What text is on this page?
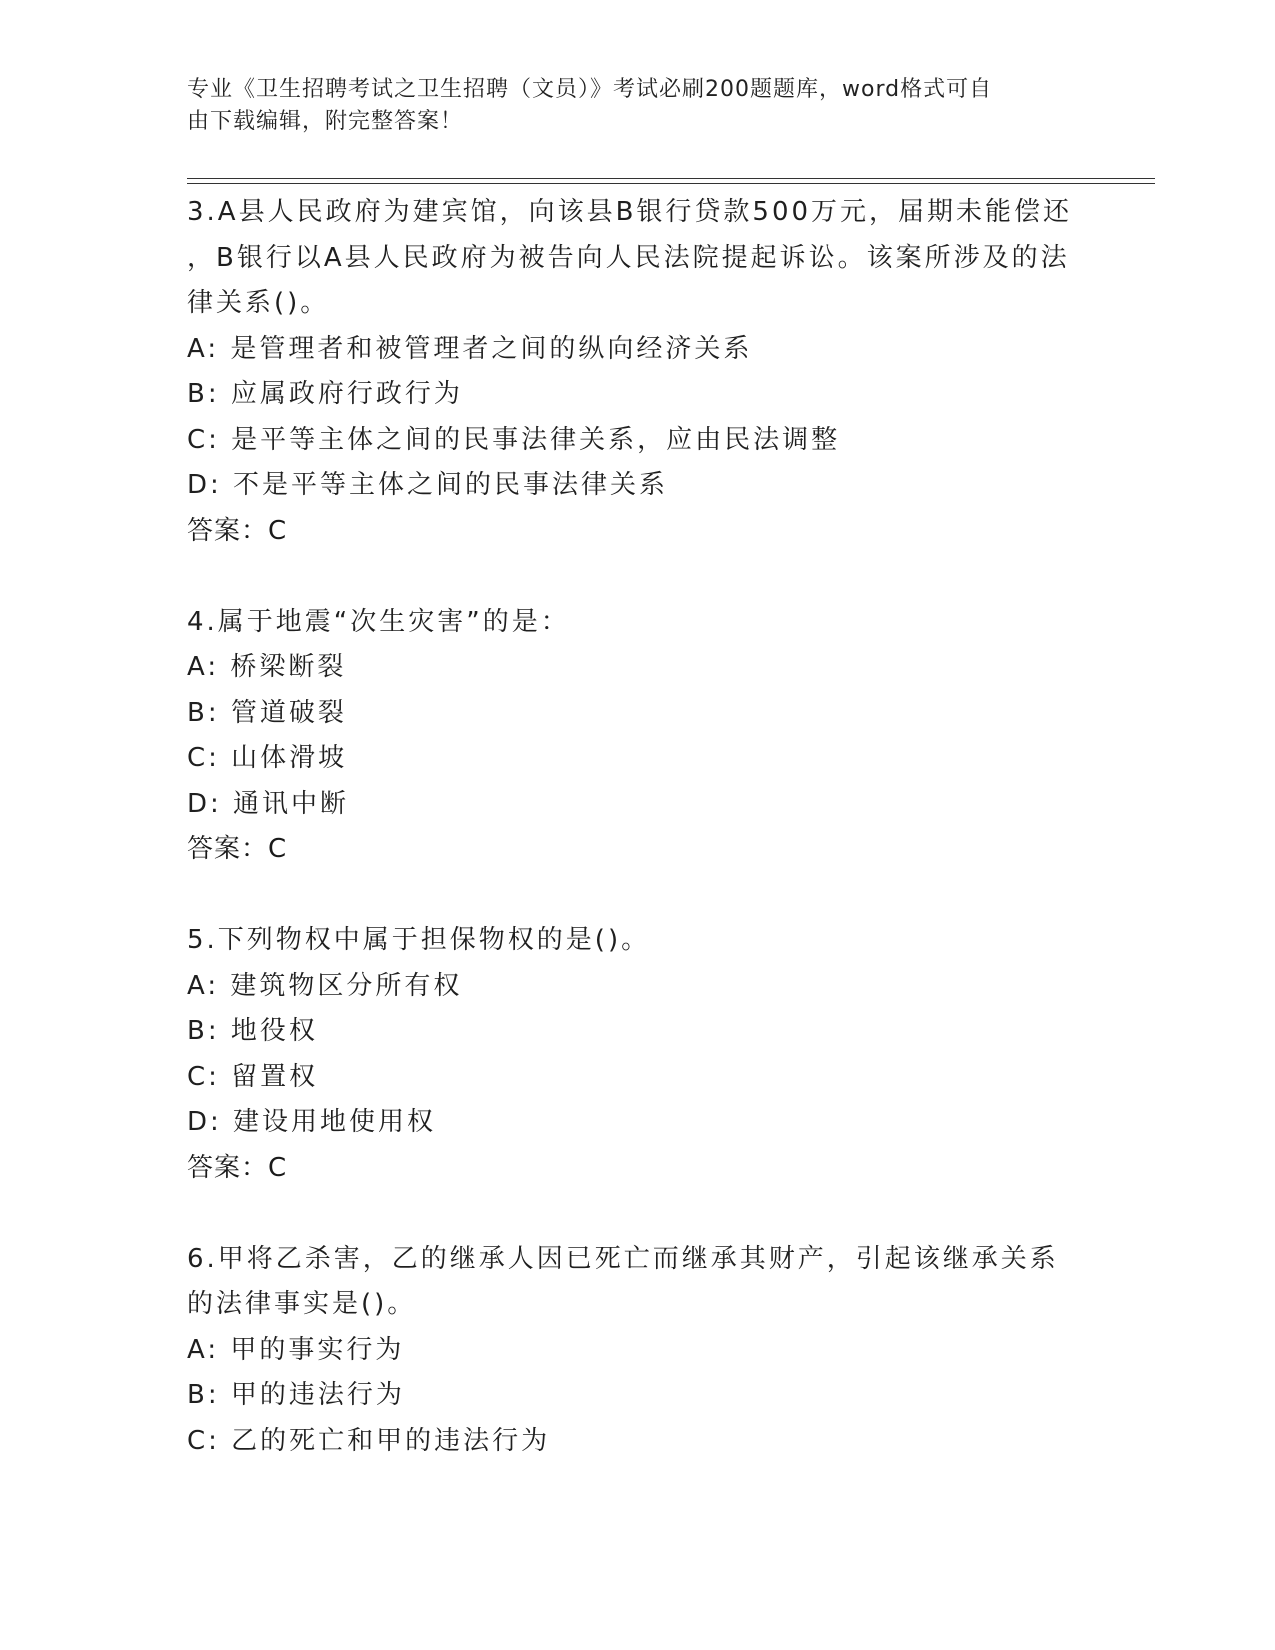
专业《卫生招聘考试之卫生招聘（文员）》考试必刷200题题库，word格式可自
由下载编辑，附完整答案！
3.A县人民政府为建宾馆，向该县B银行贷款500万元，届期未能偿还
，B银行以A县人民政府为被告向人民法院提起诉讼。该案所涉及的法
律关系()。
A: 是管理者和被管理者之间的纵向经济关系
B: 应属政府行政行为
C: 是平等主体之间的民事法律关系，应由民法调整
D: 不是平等主体之间的民事法律关系
答案：C
4.属于地震“次生灾害”的是：
A: 桥梁断裂
B: 管道破裂
C: 山体滑坡
D: 通讯中断
答案：C
5.下列物权中属于担保物权的是()。
A: 建筑物区分所有权
B: 地役权
C: 留置权
D: 建设用地使用权
答案：C
6.甲将乙杀害，乙的继承人因已死亡而继承其财产，引起该继承关系
的法律事实是()。
A: 甲的事实行为
B: 甲的违法行为
C: 乙的死亡和甲的违法行为
